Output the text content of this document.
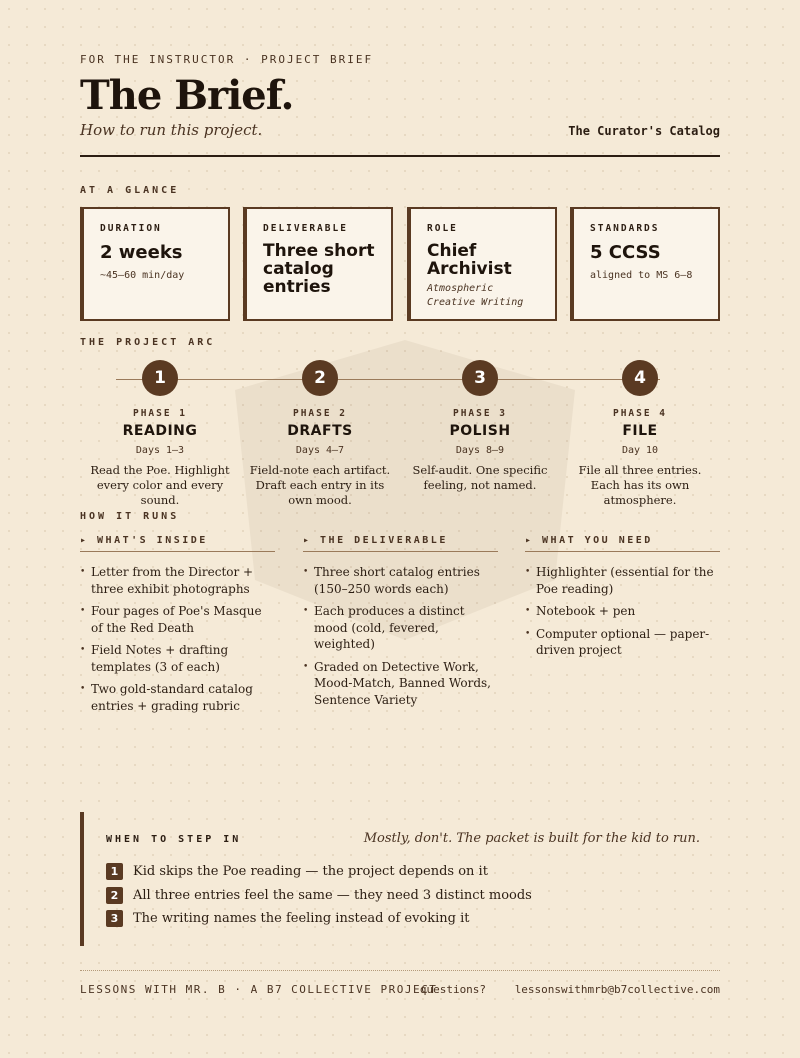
FOR THE INSTRUCTOR · PROJECT BRIEF
The Brief.
How to run this project.	The Curator's Catalog
AT A GLANCE
DURATION
2 weeks
~45–60 min/day
DELIVERABLE
Three short catalog entries
ROLE
Chief Archivist
Atmospheric Creative Writing
STANDARDS
5 CCSS
aligned to MS 6–8
THE PROJECT ARC
1
PHASE 1
READING
Days 1–3
Read the Poe. Highlight every color and every sound.
2
PHASE 2
DRAFTS
Days 4–7
Field-note each artifact. Draft each entry in its own mood.
3
PHASE 3
POLISH
Days 8–9
Self-audit. One specific feeling, not named.
4
PHASE 4
FILE
Day 10
File all three entries. Each has its own atmosphere.
HOW IT RUNS
▸ WHAT'S INSIDE
• Letter from the Director + three exhibit photographs
• Four pages of Poe's Masque of the Red Death
• Field Notes + drafting templates (3 of each)
• Two gold-standard catalog entries + grading rubric
▸ THE DELIVERABLE
• Three short catalog entries (150–250 words each)
• Each produces a distinct mood (cold, fevered, weighted)
• Graded on Detective Work, Mood-Match, Banned Words, Sentence Variety
▸ WHAT YOU NEED
• Highlighter (essential for the Poe reading)
• Notebook + pen
• Computer optional — paper-driven project
WHEN TO STEP IN	Mostly, don't. The packet is built for the kid to run.
1	Kid skips the Poe reading — the project depends on it
2	All three entries feel the same — they need 3 distinct moods
3	The writing names the feeling instead of evoking it
LESSONS WITH MR. B · A B7 COLLECTIVE PROJECT
questions?	lessonswithmrb@b7collective.com
